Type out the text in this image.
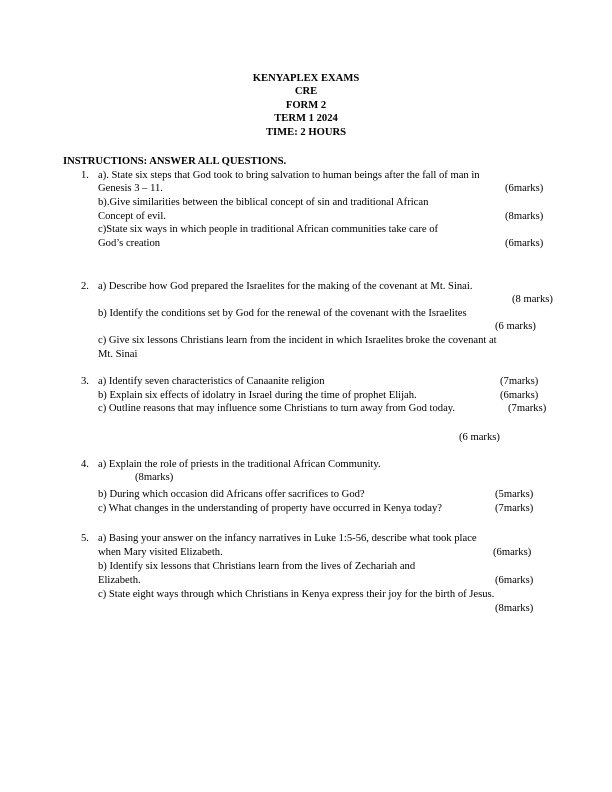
KENYAPLEX EXAMS
CRE
FORM 2
TERM 1 2024
TIME: 2 HOURS
INSTRUCTIONS: ANSWER ALL QUESTIONS.
1. a). State six steps that God took to bring salvation to human beings after the fall of man in
Genesis 3 – 11.	(6marks)
b).Give similarities between the biblical concept of sin and traditional African
Concept of evil.	(8marks)
c)State six ways in which people in traditional African communities take care of
God’s creation	(6marks)
2. a) Describe how God prepared the Israelites for the making of the covenant at Mt. Sinai.
(8 marks)
b) Identify the conditions set by God for the renewal of the covenant with the Israelites
(6 marks)
c) Give six lessons Christians learn from the incident in which Israelites broke the covenant at
Mt. Sinai
3. a) Identify seven characteristics of Canaanite religion	(7marks)
b) Explain six effects of idolatry in Israel during the time of prophet Elijah.	(6marks)
c) Outline reasons that may influence some Christians to turn away from God today.	(7marks)
(6 marks)
4. a) Explain the role of priests in the traditional African Community.
(8marks)
b) During which occasion did Africans offer sacrifices to God?	(5marks)
c) What changes in the understanding of property have occurred in Kenya today?	(7marks)
5. a) Basing your answer on the infancy narratives in Luke 1:5-56, describe what took place
when Mary visited Elizabeth.	(6marks)
b) Identify six lessons that Christians learn from the lives of Zechariah and
Elizabeth.	(6marks)
c) State eight ways through which Christians in Kenya express their joy for the birth of Jesus.
(8marks)
